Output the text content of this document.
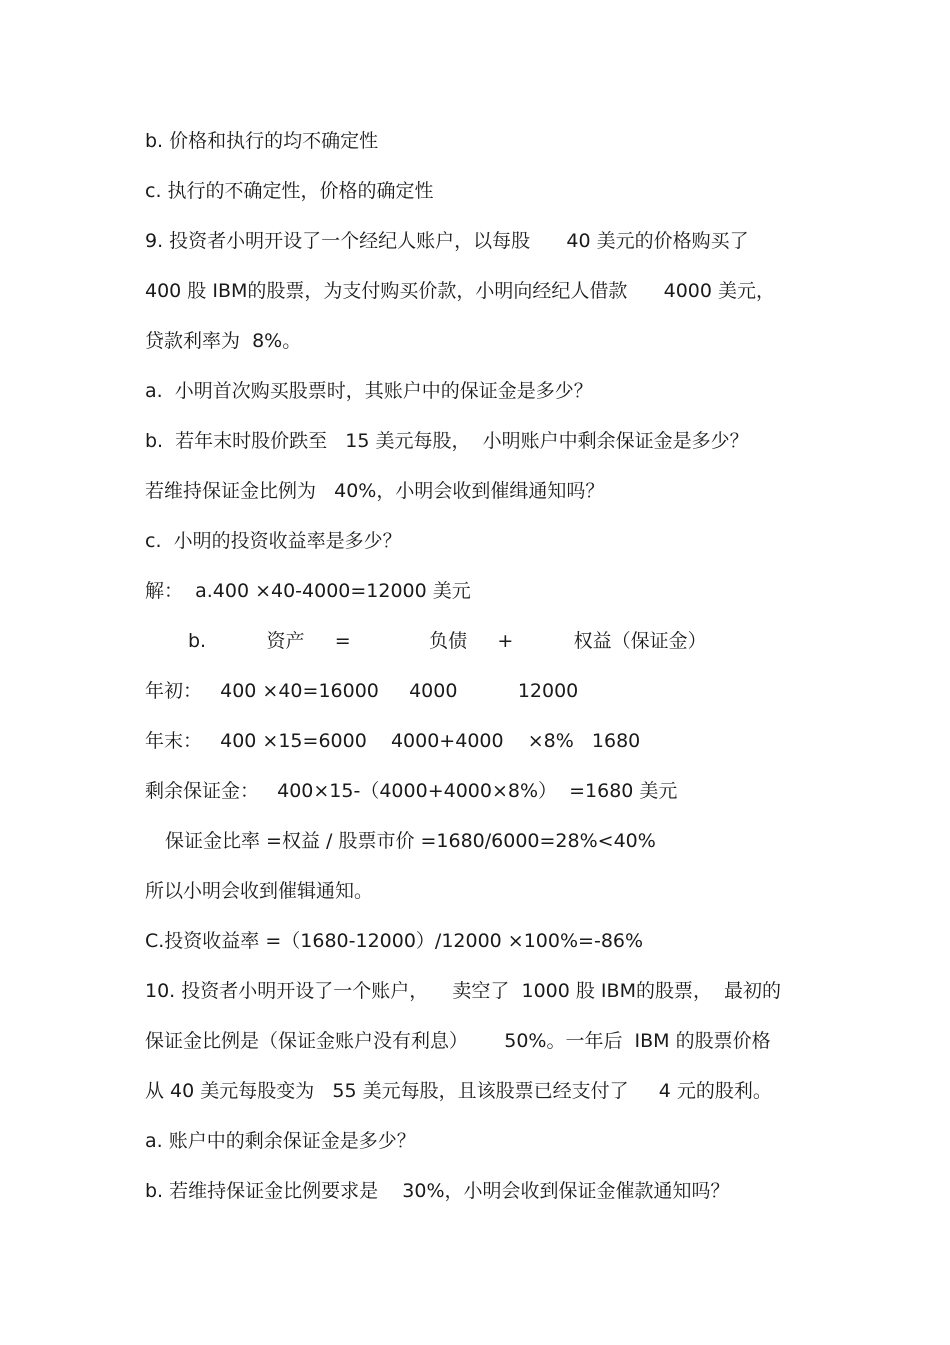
b. 价格和执行的均不确定性
c. 执行的不确定性，价格的确定性
9. 投资者小明开设了一个经纪人账户，以每股      40 美元的价格购买了
400 股 IBM的股票，为支付购买价款，小明向经纪人借款      4000 美元，
贷款利率为  8%。
a.  小明首次购买股票时，其账户中的保证金是多少？
b.  若年末时股价跌至   15 美元每股，  小明账户中剩余保证金是多少？
若维持保证金比例为   40%，小明会收到催缉通知吗？
c.  小明的投资收益率是多少？
解：  a.400 ×40-4000=12000 美元
b.          资产     =             负债     +          权益（保证金）
年初：   400 ×40=16000     4000          12000
年末：   400 ×15=6000    4000+4000    ×8%   1680
剩余保证金：   400×15-（4000+4000×8%）  =1680 美元
保证金比率 =权益 / 股票市价 =1680/6000=28%<40%
所以小明会收到催辑通知。
C.投资收益率 =（1680-12000）/12000 ×100%=-86%
10. 投资者小明开设了一个账户，    卖空了  1000 股 IBM的股票，  最初的
保证金比例是（保证金账户没有利息）      50%。一年后  IBM 的股票价格
从 40 美元每股变为   55 美元每股，且该股票已经支付了     4 元的股利。
a. 账户中的剩余保证金是多少？
b. 若维持保证金比例要求是    30%，小明会收到保证金催款通知吗？
